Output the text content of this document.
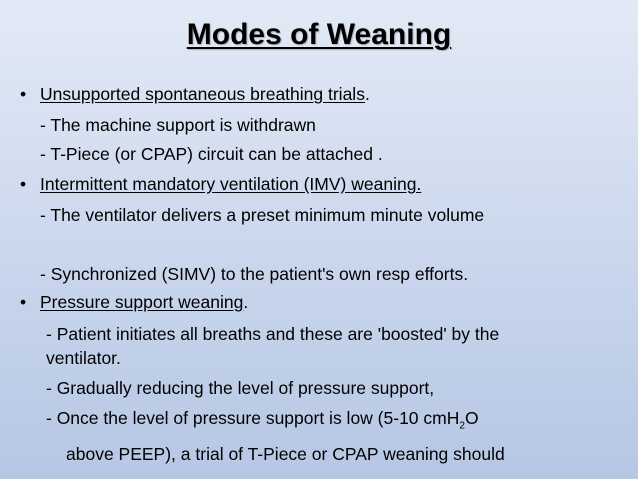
Modes of Weaning
• Unsupported spontaneous breathing trials.
- The machine support is withdrawn
- T-Piece (or CPAP) circuit can be attached .
• Intermittent mandatory ventilation (IMV) weaning.
- The ventilator delivers a preset minimum minute volume
- Synchronized (SIMV) to the patient's own resp efforts.
• Pressure support weaning.
- Patient initiates all breaths and these are 'boosted' by the
ventilator.
- Gradually reducing the level of pressure support,
- Once the level of pressure support is low (5-10 cmH$_2$O
above PEEP), a trial of T-Piece or CPAP weaning should
